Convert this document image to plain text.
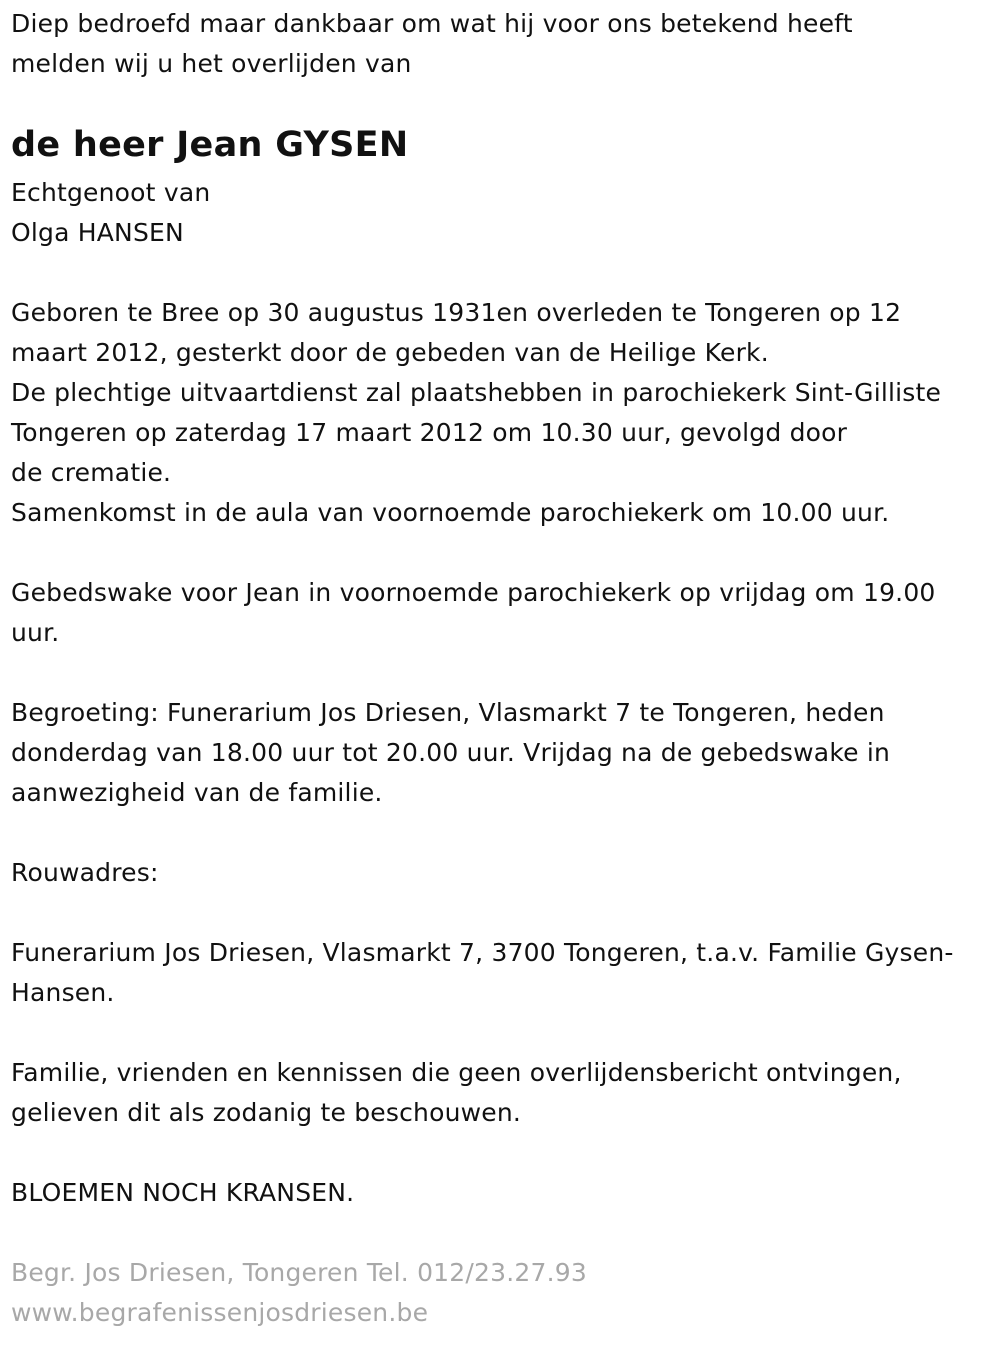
Diep bedroefd maar dankbaar om wat hij voor ons betekend heeft
melden wij u het overlijden van
de heer Jean GYSEN
Echtgenoot van
Olga HANSEN
Geboren te Bree op 30 augustus 1931en overleden te Tongeren op 12
maart 2012, gesterkt door de gebeden van de Heilige Kerk.
De plechtige uitvaartdienst zal plaatshebben in parochiekerk Sint-Gilliste
Tongeren op zaterdag 17 maart 2012 om 10.30 uur, gevolgd door
de crematie.
Samenkomst in de aula van voornoemde parochiekerk om 10.00 uur.
Gebedswake voor Jean in voornoemde parochiekerk op vrijdag om 19.00
uur.
Begroeting: Funerarium Jos Driesen, Vlasmarkt 7 te Tongeren, heden
donderdag van 18.00 uur tot 20.00 uur. Vrijdag na de gebedswake in
aanwezigheid van de familie.
Rouwadres:
Funerarium Jos Driesen, Vlasmarkt 7, 3700 Tongeren, t.a.v. Familie Gysen-
Hansen.
Familie, vrienden en kennissen die geen overlijdensbericht ontvingen,
gelieven dit als zodanig te beschouwen.
BLOEMEN NOCH KRANSEN.
Begr. Jos Driesen, Tongeren Tel. 012/23.27.93
www.begrafenissenjosdriesen.be
